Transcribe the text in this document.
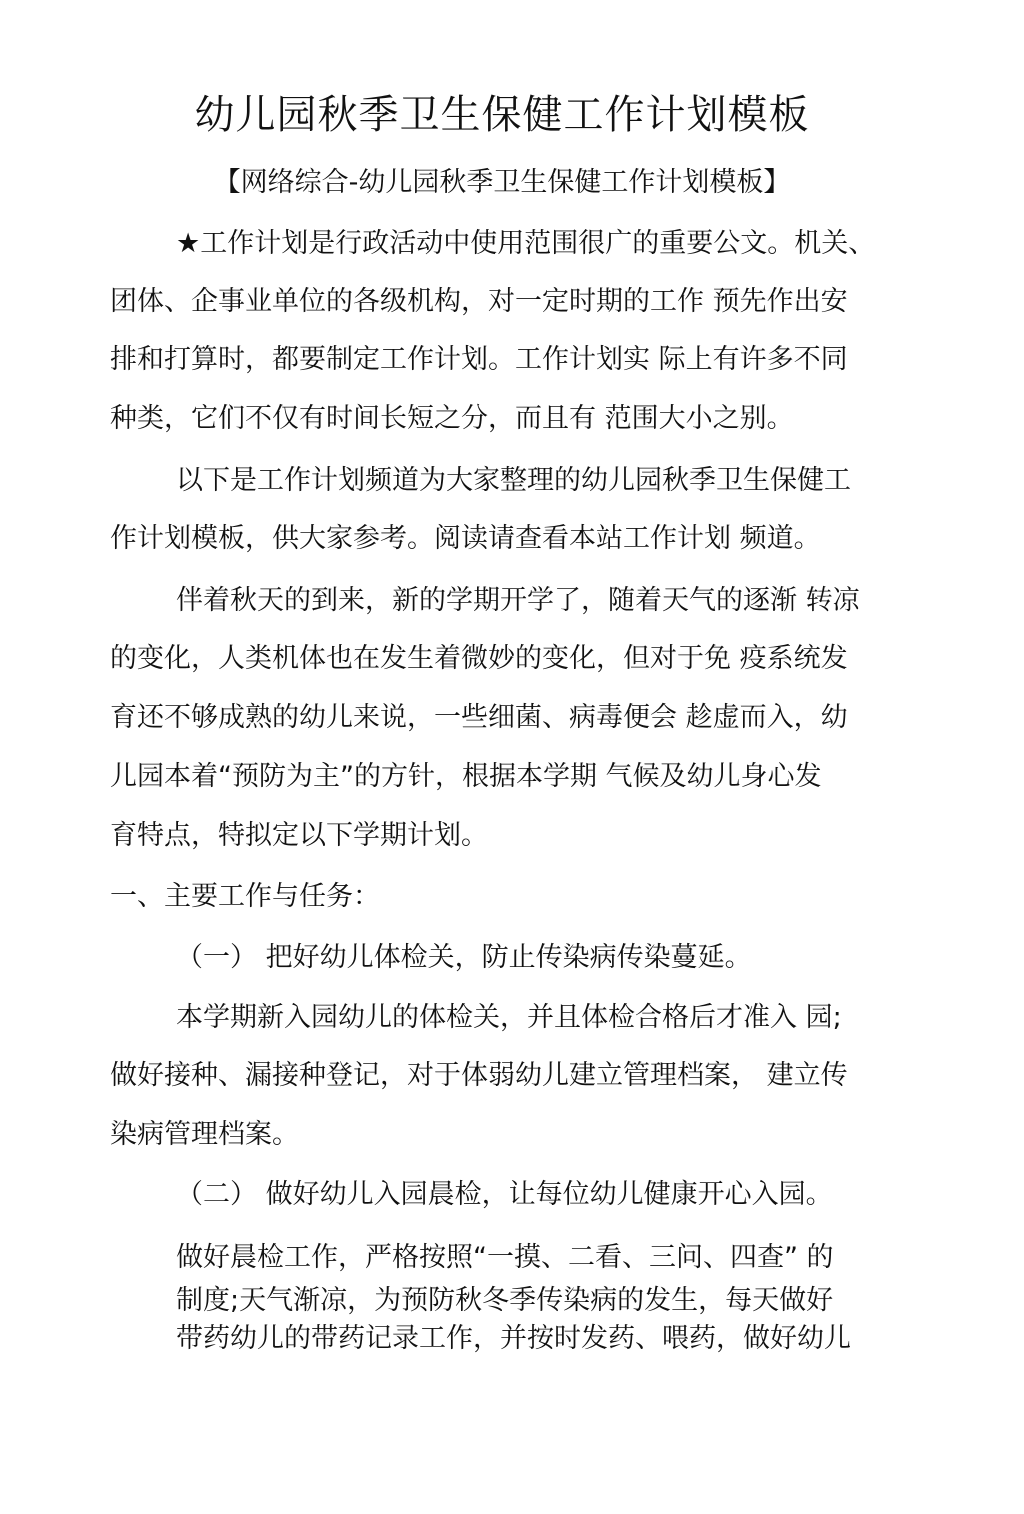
幼儿园秋季卫生保健工作计划模板
【网络综合-幼儿园秋季卫生保健工作计划模板】
★工作计划是行政活动中使用范围很广的重要公文。机关、
团体、企事业单位的各级机构，对一定时期的工作 预先作出安
排和打算时，都要制定工作计划。工作计划实 际上有许多不同
种类，它们不仅有时间长短之分，而且有 范围大小之别。
以下是工作计划频道为大家整理的幼儿园秋季卫生保健工
作计划模板，供大家参考。阅读请查看本站工作计划 频道。
伴着秋天的到来，新的学期开学了，随着天气的逐渐 转凉
的变化，人类机体也在发生着微妙的变化，但对于免 疫系统发
育还不够成熟的幼儿来说，一些细菌、病毒便会 趁虚而入，幼
儿园本着“预防为主”的方针，根据本学期 气候及幼儿身心发
育特点，特拟定以下学期计划。
一、主要工作与任务：
（一） 把好幼儿体检关，防止传染病传染蔓延。
本学期新入园幼儿的体检关，并且体检合格后才准入 园;
做好接种、漏接种登记，对于体弱幼儿建立管理档案， 建立传
染病管理档案。
（二） 做好幼儿入园晨检，让每位幼儿健康开心入园。
做好晨检工作，严格按照“一摸、二看、三问、四查” 的
制度;天气渐凉，为预防秋冬季传染病的发生，每天做好
带药幼儿的带药记录工作，并按时发药、喂药，做好幼儿
